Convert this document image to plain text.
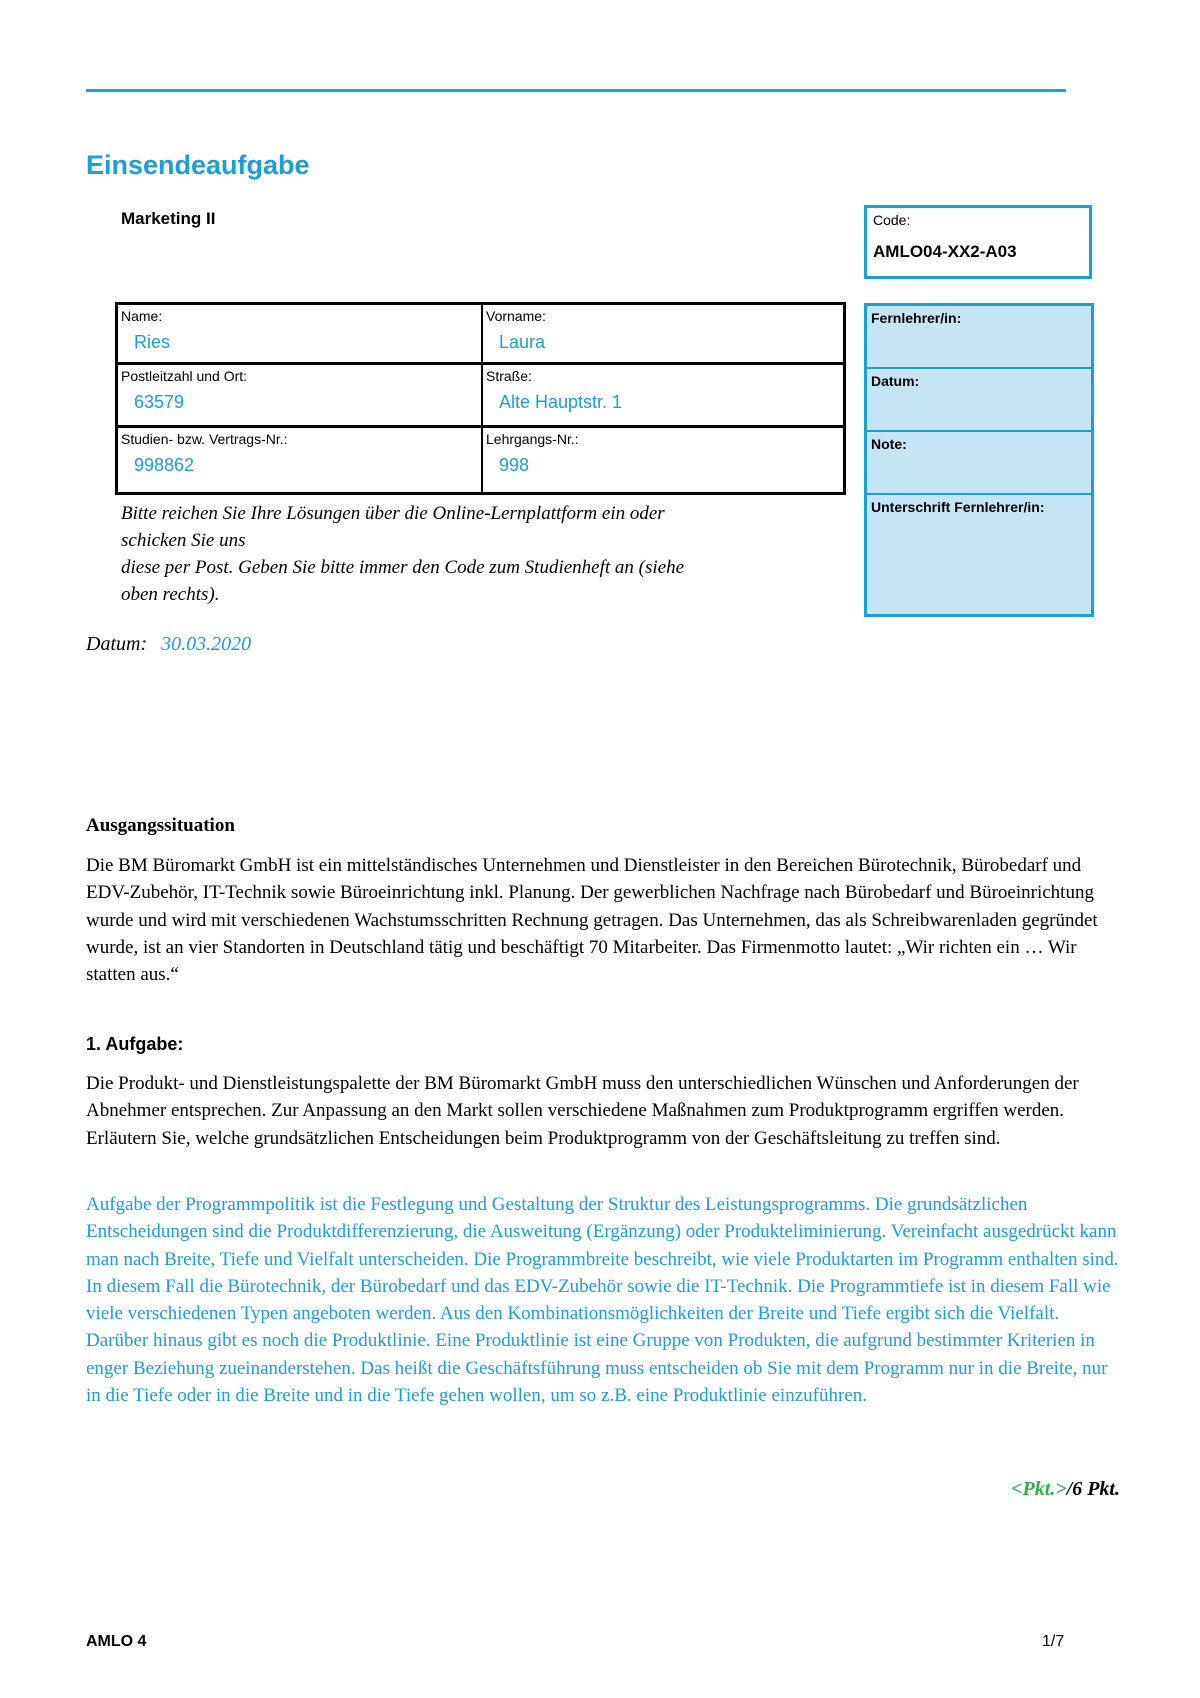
Einsendeaufgabe
Marketing II	Code:
AMLO04-XX2-A03
Name:
Ries
Vorname:
Laura
Postleitzahl und Ort:
63579
Straße:
Alte Hauptstr. 1
Studien- bzw. Vertrags-Nr.:
998862
Lehrgangs-Nr.:
998
Fernlehrer/in:
Datum:
Note:
Unterschrift Fernlehrer/in:
Bitte reichen Sie Ihre Lösungen über die Online-Lernplattform ein oder
schicken Sie uns
diese per Post. Geben Sie bitte immer den Code zum Studienheft an (siehe
oben rechts).
Datum: 30.03.2020
Ausgangssituation
Die BM Büromarkt GmbH ist ein mittelständisches Unternehmen und Dienstleister in den Bereichen Bürotechnik, Bürobedarf und EDV-Zubehör, IT-Technik sowie Büroeinrichtung inkl. Planung. Der gewerblichen Nachfrage nach Bürobedarf und Büroeinrichtung wurde und wird mit verschiedenen Wachstumsschritten Rechnung getragen. Das Unternehmen, das als Schreibwarenladen gegründet wurde, ist an vier Standorten in Deutschland tätig und beschäftigt 70 Mitarbeiter. Das Firmenmotto lautet: „Wir richten ein … Wir statten aus.“
1. Aufgabe:
Die Produkt- und Dienstleistungspalette der BM Büromarkt GmbH muss den unterschiedlichen Wünschen und Anforderungen der Abnehmer entsprechen. Zur Anpassung an den Markt sollen verschiedene Maßnahmen zum Produktprogramm ergriffen werden. Erläutern Sie, welche grundsätzlichen Entscheidungen beim Produktprogramm von der Geschäftsleitung zu treffen sind.
Aufgabe der Programmpolitik ist die Festlegung und Gestaltung der Struktur des Leistungsprogramms. Die grundsätzlichen Entscheidungen sind die Produktdifferenzierung, die Ausweitung (Ergänzung) oder Produkteliminierung. Vereinfacht ausgedrückt kann man nach Breite, Tiefe und Vielfalt unterscheiden. Die Programmbreite beschreibt, wie viele Produktarten im Programm enthalten sind. In diesem Fall die Bürotechnik, der Bürobedarf und das EDV-Zubehör sowie die IT-Technik. Die Programmtiefe ist in diesem Fall wie viele verschiedenen Typen angeboten werden. Aus den Kombinationsmöglichkeiten der Breite und Tiefe ergibt sich die Vielfalt. Darüber hinaus gibt es noch die Produktlinie. Eine Produktlinie ist eine Gruppe von Produkten, die aufgrund bestimmter Kriterien in enger Beziehung zueinanderstehen. Das heißt die Geschäftsführung muss entscheiden ob Sie mit dem Programm nur in die Breite, nur in die Tiefe oder in die Breite und in die Tiefe gehen wollen, um so z.B. eine Produktlinie einzuführen.
<Pkt.>/6 Pkt.
AMLO 4	1/7
